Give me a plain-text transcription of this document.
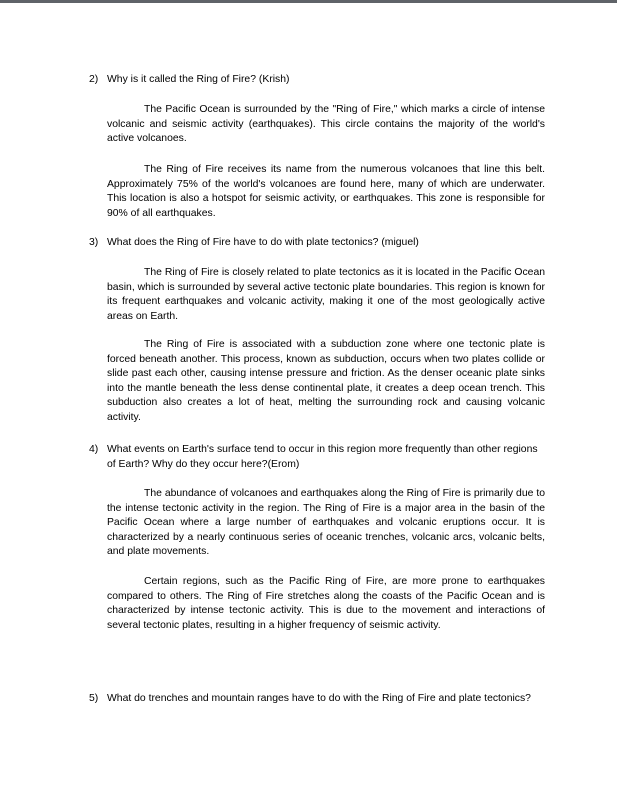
2) Why is it called the Ring of Fire? (Krish)

The Pacific Ocean is surrounded by the "Ring of Fire," which marks a circle of intense volcanic and seismic activity (earthquakes). This circle contains the majority of the world's active volcanoes.

The Ring of Fire receives its name from the numerous volcanoes that line this belt. Approximately 75% of the world's volcanoes are found here, many of which are underwater. This location is also a hotspot for seismic activity, or earthquakes. This zone is responsible for 90% of all earthquakes.

3) What does the Ring of Fire have to do with plate tectonics? (miguel)

The Ring of Fire is closely related to plate tectonics as it is located in the Pacific Ocean basin, which is surrounded by several active tectonic plate boundaries. This region is known for its frequent earthquakes and volcanic activity, making it one of the most geologically active areas on Earth.

The Ring of Fire is associated with a subduction zone where one tectonic plate is forced beneath another. This process, known as subduction, occurs when two plates collide or slide past each other, causing intense pressure and friction. As the denser oceanic plate sinks into the mantle beneath the less dense continental plate, it creates a deep ocean trench. This subduction also creates a lot of heat, melting the surrounding rock and causing volcanic activity.

4) What events on Earth's surface tend to occur in this region more frequently than other regions of Earth? Why do they occur here?(Erom)

The abundance of volcanoes and earthquakes along the Ring of Fire is primarily due to the intense tectonic activity in the region. The Ring of Fire is a major area in the basin of the Pacific Ocean where a large number of earthquakes and volcanic eruptions occur. It is characterized by a nearly continuous series of oceanic trenches, volcanic arcs, volcanic belts, and plate movements.

Certain regions, such as the Pacific Ring of Fire, are more prone to earthquakes compared to others. The Ring of Fire stretches along the coasts of the Pacific Ocean and is characterized by intense tectonic activity. This is due to the movement and interactions of several tectonic plates, resulting in a higher frequency of seismic activity.

5) What do trenches and mountain ranges have to do with the Ring of Fire and plate tectonics?
